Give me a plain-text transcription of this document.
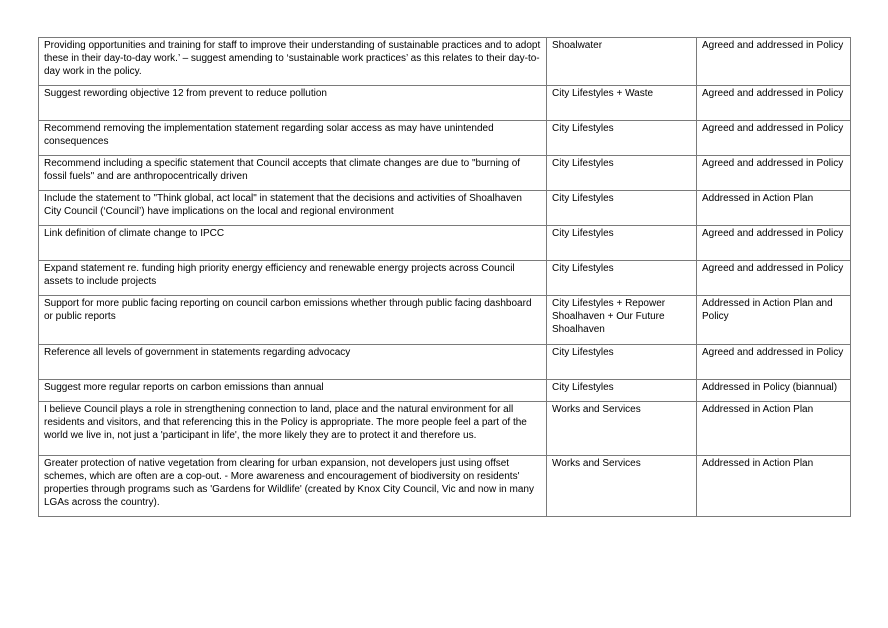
Providing opportunities and training for staff to improve their understanding of sustainable practices and to adopt these in their day-to-day work.’ – suggest amending to ‘sustainable work practices’ as this relates to their day-to-day work in the policy.	Shoalwater	Agreed and addressed in Policy
Suggest rewording objective 12 from prevent to reduce pollution	City Lifestyles + Waste	Agreed and addressed in Policy
Recommend removing the implementation statement regarding solar access as may have unintended consequences	City Lifestyles	Agreed and addressed in Policy
Recommend including a specific statement that Council accepts that climate changes are due to "burning of fossil fuels" and are anthropocentrically driven	City Lifestyles	Agreed and addressed in Policy
Include the statement to "Think global, act local" in statement that the decisions and activities of Shoalhaven City Council (‘Council’) have implications on the local and regional environment	City Lifestyles	Addressed in Action Plan
Link definition of climate change to IPCC	City Lifestyles	Agreed and addressed in Policy
Expand statement re. funding high priority energy efficiency and renewable energy projects across Council assets to include projects	City Lifestyles	Agreed and addressed in Policy
Support for more public facing reporting on council carbon emissions whether through public facing dashboard or public reports	City Lifestyles + Repower Shoalhaven + Our Future Shoalhaven	Addressed in Action Plan and Policy
Reference all levels of government in statements regarding advocacy	City Lifestyles	Agreed and addressed in Policy
Suggest more regular reports on carbon emissions than annual	City Lifestyles	Addressed in Policy (biannual)
I believe Council plays a role in strengthening connection to land, place and the natural environment for all residents and visitors, and that referencing this in the Policy is appropriate. The more people feel a part of the world we live in, not just a 'participant in life', the more likely they are to protect it and therefore us.	Works and Services	Addressed in Action Plan
Greater protection of native vegetation from clearing for urban expansion, not developers just using offset schemes, which are often are a cop-out. - More awareness and encouragement of biodiversity on residents' properties through programs such as 'Gardens for Wildlife' (created by Knox City Council, Vic and now in many LGAs across the country).	Works and Services	Addressed in Action Plan
